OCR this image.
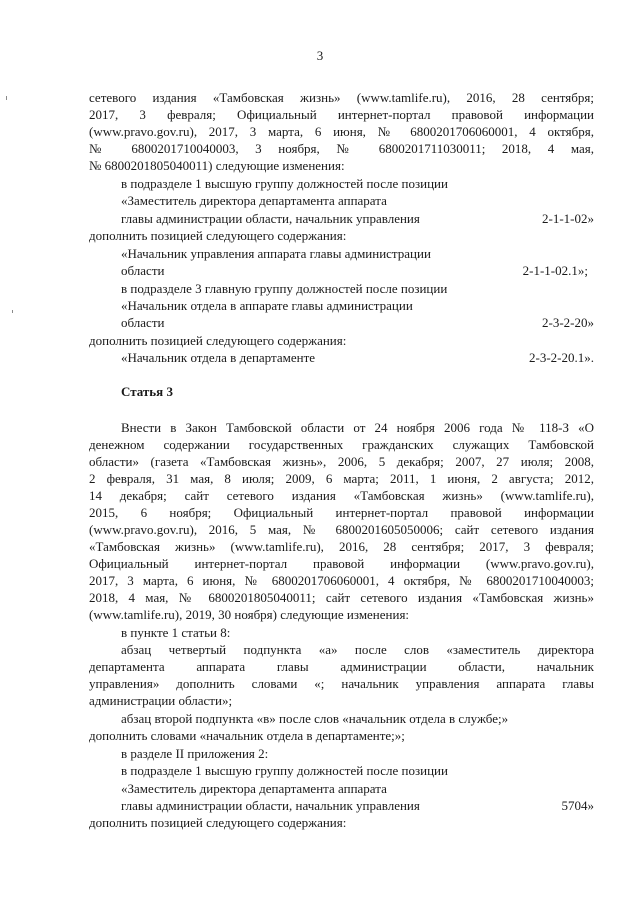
3
сетевого издания «Тамбовская жизнь» (www.tamlife.ru), 2016, 28 сентября;
2017, 3 февраля; Официальный интернет-портал правовой информации
(www.pravo.gov.ru), 2017, 3 марта, 6 июня, № 6800201706060001, 4 октября,
№ 6800201710040003, 3 ноября, № 6800201711030011; 2018, 4 мая,
№ 6800201805040011) следующие изменения:
в подразделе 1 высшую группу должностей после позиции
«Заместитель директора департамента аппарата
главы администрации области, начальник управления	2-1-1-02»
дополнить позицией следующего содержания:
«Начальник управления аппарата главы администрации
области	2-1-1-02.1»;
в подразделе 3 главную группу должностей после позиции
«Начальник отдела в аппарате главы администрации
области	2-3-2-20»
дополнить позицией следующего содержания:
«Начальник отдела в департаменте	2-3-2-20.1».
Статья 3
Внести в Закон Тамбовской области от 24 ноября 2006 года № 118-З «О
денежном содержании государственных гражданских служащих Тамбовской
области» (газета «Тамбовская жизнь», 2006, 5 декабря; 2007, 27 июля; 2008,
2 февраля, 31 мая, 8 июля; 2009, 6 марта; 2011, 1 июня, 2 августа; 2012,
14 декабря; сайт сетевого издания «Тамбовская жизнь» (www.tamlife.ru),
2015, 6 ноября; Официальный интернет-портал правовой информации
(www.pravo.gov.ru), 2016, 5 мая, № 6800201605050006; сайт сетевого издания
«Тамбовская жизнь» (www.tamlife.ru), 2016, 28 сентября; 2017, 3 февраля;
Официальный интернет-портал правовой информации (www.pravo.gov.ru),
2017, 3 марта, 6 июня, № 6800201706060001, 4 октября, № 6800201710040003;
2018, 4 мая, № 6800201805040011; сайт сетевого издания «Тамбовская жизнь»
(www.tamlife.ru), 2019, 30 ноября) следующие изменения:
в пункте 1 статьи 8:
абзац четвертый подпункта «а» после слов «заместитель директора
департамента аппарата главы администрации области, начальник
управления» дополнить словами «; начальник управления аппарата главы
администрации области»;
абзац второй подпункта «в» после слов «начальник отдела в службе;»
дополнить словами «начальник отдела в департаменте;»;
в разделе II приложения 2:
в подразделе 1 высшую группу должностей после позиции
«Заместитель директора департамента аппарата
главы администрации области, начальник управления	5704»
дополнить позицией следующего содержания:
